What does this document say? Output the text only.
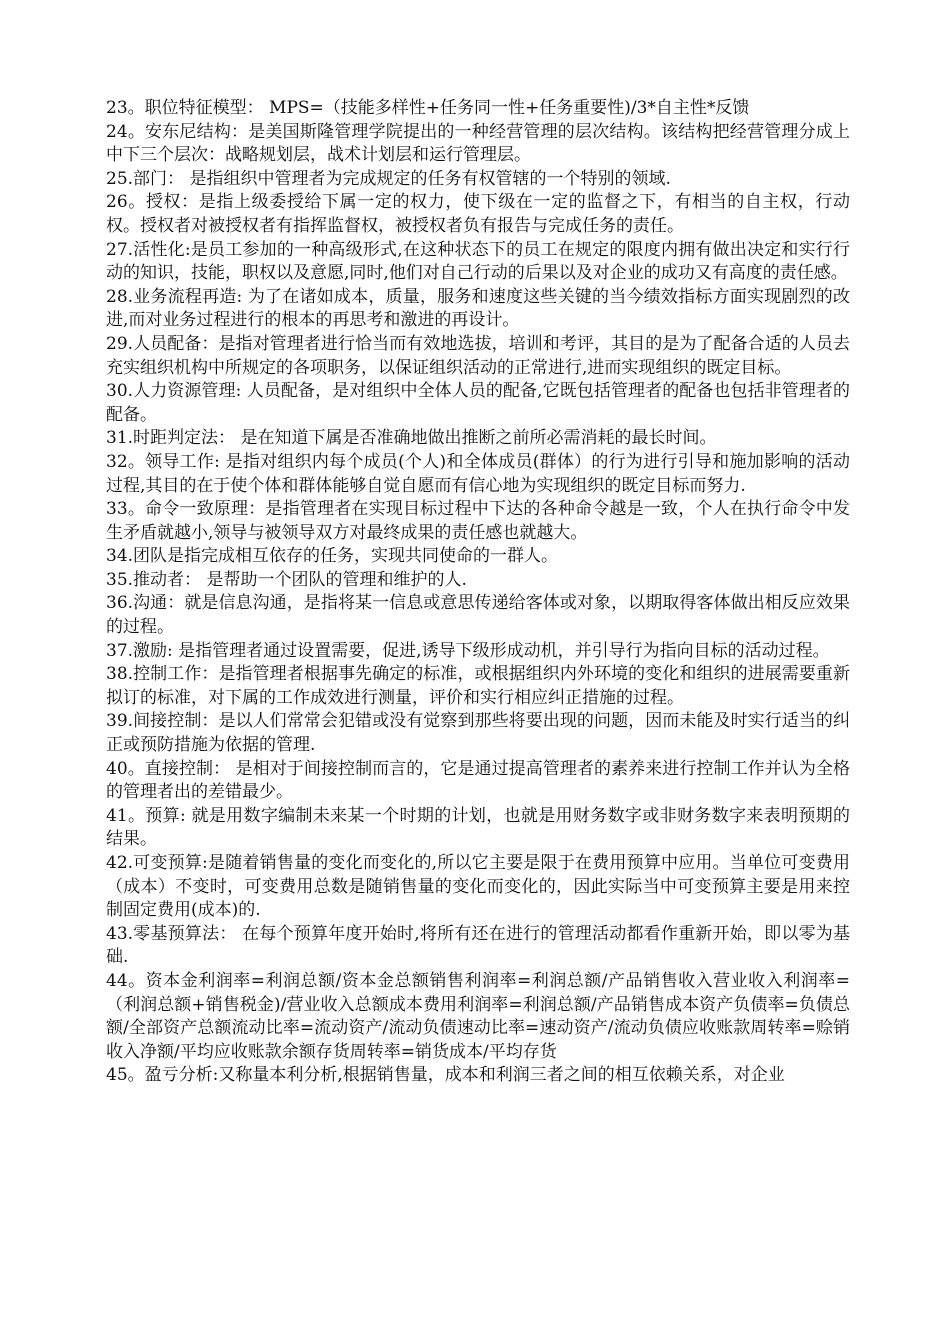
23。职位特征模型： MPS=（技能多样性+任务同一性+任务重要性)/3*自主性*反馈

24。安东尼结构：是美国斯隆管理学院提出的一种经营管理的层次结构。该结构把经营管理分成上中下三个层次：战略规划层，战术计划层和运行管理层。

25.部门： 是指组织中管理者为完成规定的任务有权管辖的一个特别的领域.

26。授权：是指上级委授给下属一定的权力，使下级在一定的监督之下，有相当的自主权，行动权。授权者对被授权者有指挥监督权，被授权者负有报告与完成任务的责任。

27.活性化:是员工参加的一种高级形式,在这种状态下的员工在规定的限度内拥有做出决定和实行行动的知识，技能，职权以及意愿,同时,他们对自己行动的后果以及对企业的成功又有高度的责任感。

28.业务流程再造: 为了在诸如成本，质量，服务和速度这些关键的当今绩效指标方面实现剧烈的改进,而对业务过程进行的根本的再思考和激进的再设计。

29.人员配备：是指对管理者进行恰当而有效地选拔，培训和考评，其目的是为了配备合适的人员去充实组织机构中所规定的各项职务，以保证组织活动的正常进行,进而实现组织的既定目标。

30.人力资源管理: 人员配备，是对组织中全体人员的配备,它既包括管理者的配备也包括非管理者的配备。

31.时距判定法： 是在知道下属是否准确地做出推断之前所必需消耗的最长时间。

32。领导工作: 是指对组织内每个成员(个人)和全体成员(群体）的行为进行引导和施加影响的活动过程,其目的在于使个体和群体能够自觉自愿而有信心地为实现组织的既定目标而努力.

33。命令一致原理：是指管理者在实现目标过程中下达的各种命令越是一致，个人在执行命令中发生矛盾就越小,领导与被领导双方对最终成果的责任感也就越大。

34.团队是指完成相互依存的任务，实现共同使命的一群人。

35.推动者： 是帮助一个团队的管理和维护的人.

36.沟通：就是信息沟通，是指将某一信息或意思传递给客体或对象，以期取得客体做出相反应效果的过程。

37.激励: 是指管理者通过设置需要，促进,诱导下级形成动机，并引导行为指向目标的活动过程。

38.控制工作：是指管理者根据事先确定的标准，或根据组织内外环境的变化和组织的进展需要重新拟订的标准，对下属的工作成效进行测量，评价和实行相应纠正措施的过程。

39.间接控制：是以人们常常会犯错或没有觉察到那些将要出现的问题，因而未能及时实行适当的纠正或预防措施为依据的管理.

40。直接控制： 是相对于间接控制而言的，它是通过提高管理者的素养来进行控制工作并认为全格的管理者出的差错最少。

41。预算: 就是用数字编制未来某一个时期的计划，也就是用财务数字或非财务数字来表明预期的结果。

42.可变预算:是随着销售量的变化而变化的,所以它主要是限于在费用预算中应用。当单位可变费用（成本）不变时，可变费用总数是随销售量的变化而变化的，因此实际当中可变预算主要是用来控制固定费用(成本)的.

43.零基预算法： 在每个预算年度开始时,将所有还在进行的管理活动都看作重新开始，即以零为基础.

44。资本金利润率=利润总额/资本金总额销售利润率=利润总额/产品销售收入营业收入利润率=（利润总额+销售税金)/营业收入总额成本费用利润率=利润总额/产品销售成本资产负债率=负债总额/全部资产总额流动比率=流动资产/流动负债速动比率=速动资产/流动负债应收账款周转率=赊销收入净额/平均应收账款余额存货周转率=销货成本/平均存货

45。盈亏分析:又称量本利分析,根据销售量，成本和利润三者之间的相互依赖关系，对企业
